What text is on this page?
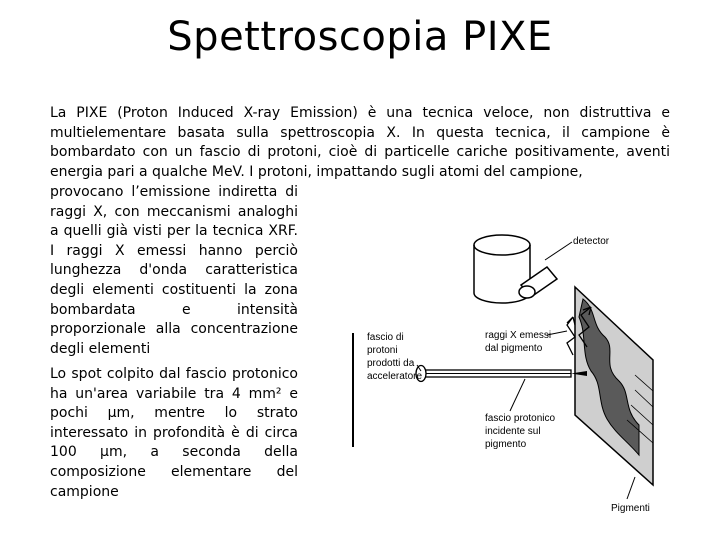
Spettroscopia PIXE
La PIXE (Proton Induced X-ray Emission) è una tecnica veloce, non distruttiva e multielementare basata sulla spettroscopia X. In questa tecnica, il campione è bombardato con un fascio di protoni, cioè di particelle cariche positivamente, aventi energia pari a qualche MeV. I protoni, impattando sugli atomi del campione,
provocano l’emissione indiretta di raggi X, con meccanismi analoghi a quelli già visti per la tecnica XRF. I raggi X emessi hanno perciò lunghezza d'onda caratteristica degli elementi costituenti la zona bombardata e intensità proporzionale alla concentrazione degli elementi
Lo spot colpito dal fascio protonico ha un'area variabile tra 4 mm² e pochi µm, mentre lo strato interessato in profondità è di circa 100 µm, a seconda della composizione elementare del campione
detector
raggi X emessi
dal pigmento
fascio di
protoni
prodotti da
acceleratore
fascio protonico
incidente sul
pigmento
Pigmenti
